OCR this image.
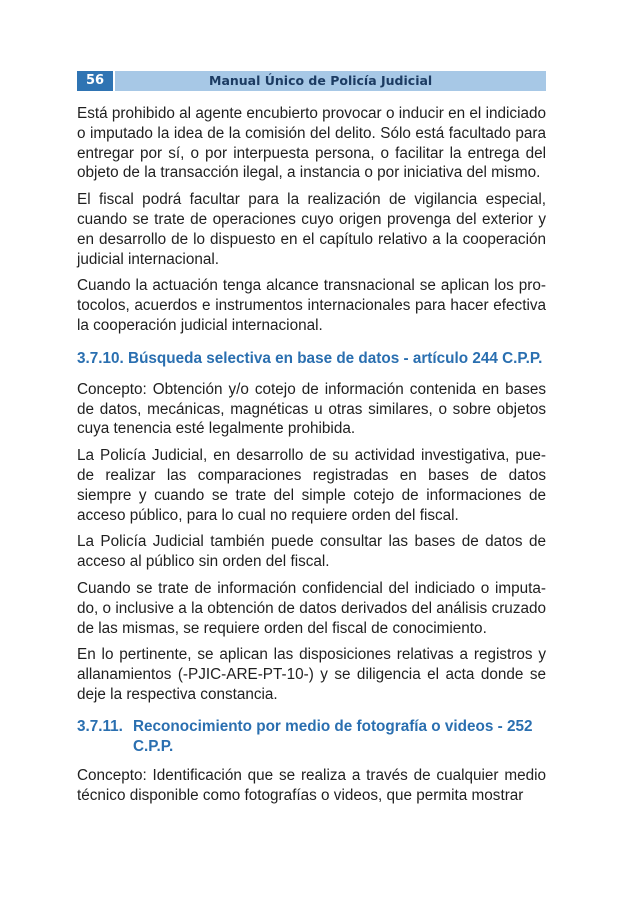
56	Manual Único de Policía Judicial

Está prohibido al agente encubierto provocar o inducir en el indiciado o imputado la idea de la comisión del delito. Sólo está facultado para entregar por sí, o por interpuesta persona, o facilitar la entrega del objeto de la transacción ilegal, a instancia o por iniciativa del mismo.

El fiscal podrá facultar para la realización de vigilancia especial, cuando se trate de operaciones cuyo origen provenga del exterior y en desarrollo de lo dispuesto en el capítulo relativo a la cooperación judicial internacional.

Cuando la actuación tenga alcance transnacional se aplican los pro-tocolos, acuerdos e instrumentos internacionales para hacer efectiva la cooperación judicial internacional.

3.7.10. Búsqueda selectiva en base de datos - artículo 244 C.P.P.

Concepto: Obtención y/o cotejo de información contenida en bases de datos, mecánicas, magnéticas u otras similares, o sobre objetos cuya tenencia esté legalmente prohibida.

La Policía Judicial, en desarrollo de su actividad investigativa, pue-de realizar las comparaciones registradas en bases de datos siempre y cuando se trate del simple cotejo de informaciones de acceso público, para lo cual no requiere orden del fiscal.

La Policía Judicial también puede consultar las bases de datos de acceso al público sin orden del fiscal.

Cuando se trate de información confidencial del indiciado o imputa-do, o inclusive a la obtención de datos derivados del análisis cruzado de las mismas, se requiere orden del fiscal de conocimiento.

En lo pertinente, se aplican las disposiciones relativas a registros y allanamientos (-PJIC-ARE-PT-10-) y se diligencia el acta donde se deje la respectiva constancia.

3.7.11. Reconocimiento por medio de fotografía o videos - 252 C.P.P.

Concepto: Identificación que se realiza a través de cualquier medio técnico disponible como fotografías o videos, que permita mostrar
